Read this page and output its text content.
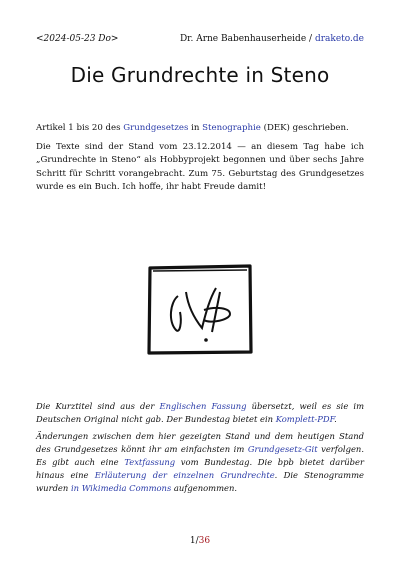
<2024-05-23 Do>	Dr. Arne Babenhauserheide / draketo.de
Die Grundrechte in Steno

Artikel 1 bis 20 des Grundgesetzes in Stenographie (DEK) geschrieben.

Die Texte sind der Stand vom 23.12.2014 — an diesem Tag habe ich „Grundrechte in Steno“ als Hobbyprojekt begonnen und über sechs Jahre Schritt für Schritt vorangebracht. Zum 75. Geburtstag des Grundgesetzes wurde es ein Buch. Ich hoffe, ihr habt Freude damit!

Die Kurztitel sind aus der Englischen Fassung übersetzt, weil es sie im Deutschen Original nicht gab. Der Bundestag bietet ein Komplett-PDF.

Änderungen zwischen dem hier gezeigten Stand und dem heutigen Stand des Grundgesetzes könnt ihr am einfachsten im Grundgesetz-Git verfolgen. Es gibt auch eine Textfassung vom Bundestag. Die bpb bietet darüber hinaus eine Erläuterung der einzelnen Grundrechte. Die Stenogramme wurden in Wikimedia Commons aufgenommen.

1/36
